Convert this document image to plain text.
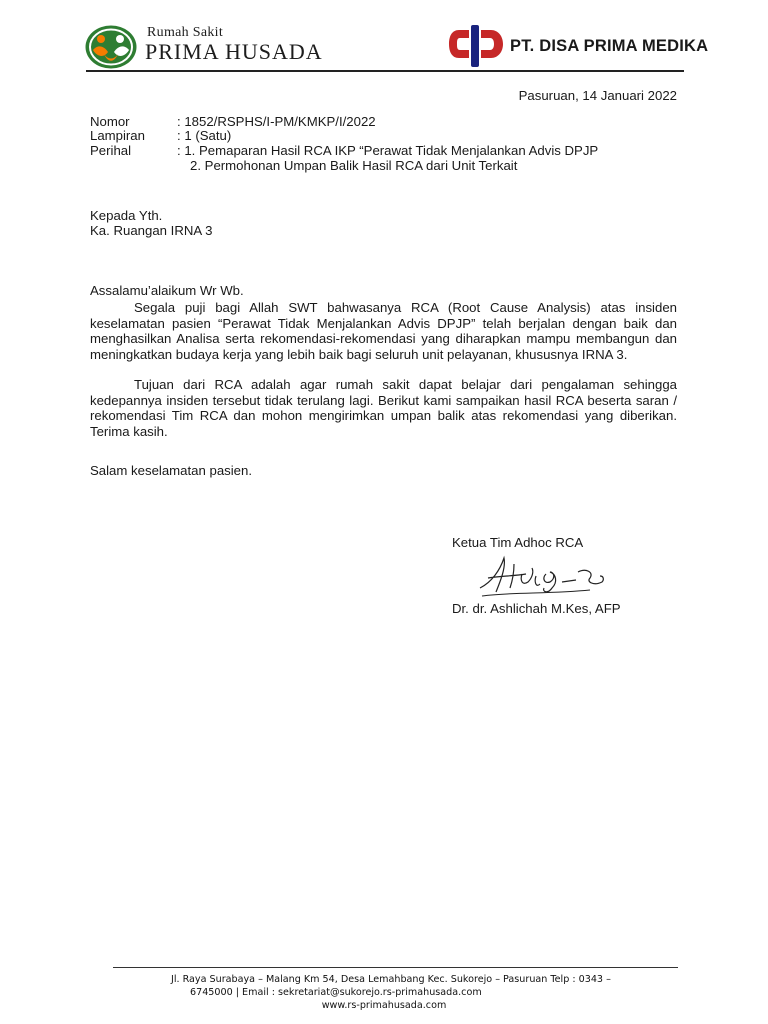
Rumah Sakit
PRIMA HUSADA	PT. DISA PRIMA MEDIKA
Pasuruan, 14 Januari 2022
Nomor	: 1852/RSPHS/I-PM/KMKP/I/2022
Lampiran : 1 (Satu)
Perihal	: 1. Pemaparan Hasil RCA IKP “Perawat Tidak Menjalankan Advis DPJP
2. Permohonan Umpan Balik Hasil RCA dari Unit Terkait
Kepada Yth.
Ka. Ruangan IRNA 3
Assalamu’alaikum Wr Wb.
Segala puji bagi Allah SWT bahwasanya RCA (Root Cause Analysis) atas insiden keselamatan pasien “Perawat Tidak Menjalankan Advis DPJP” telah berjalan dengan baik dan menghasilkan Analisa serta rekomendasi-rekomendasi yang diharapkan mampu membangun dan meningkatkan budaya kerja yang lebih baik bagi seluruh unit pelayanan, khususnya IRNA 3.
Tujuan dari RCA adalah agar rumah sakit dapat belajar dari pengalaman sehingga kedepannya insiden tersebut tidak terulang lagi. Berikut kami sampaikan hasil RCA beserta saran / rekomendasi Tim RCA dan mohon mengirimkan umpan balik atas rekomendasi yang diberikan. Terima kasih.
Salam keselamatan pasien.
Ketua Tim Adhoc RCA
Dr. dr. Ashlichah M.Kes, AFP
Jl. Raya Surabaya – Malang Km 54, Desa Lemahbang Kec. Sukorejo – Pasuruan Telp : 0343 –
6745000 | Email : sekretariat@sukorejo.rs-primahusada.com
www.rs-primahusada.com
